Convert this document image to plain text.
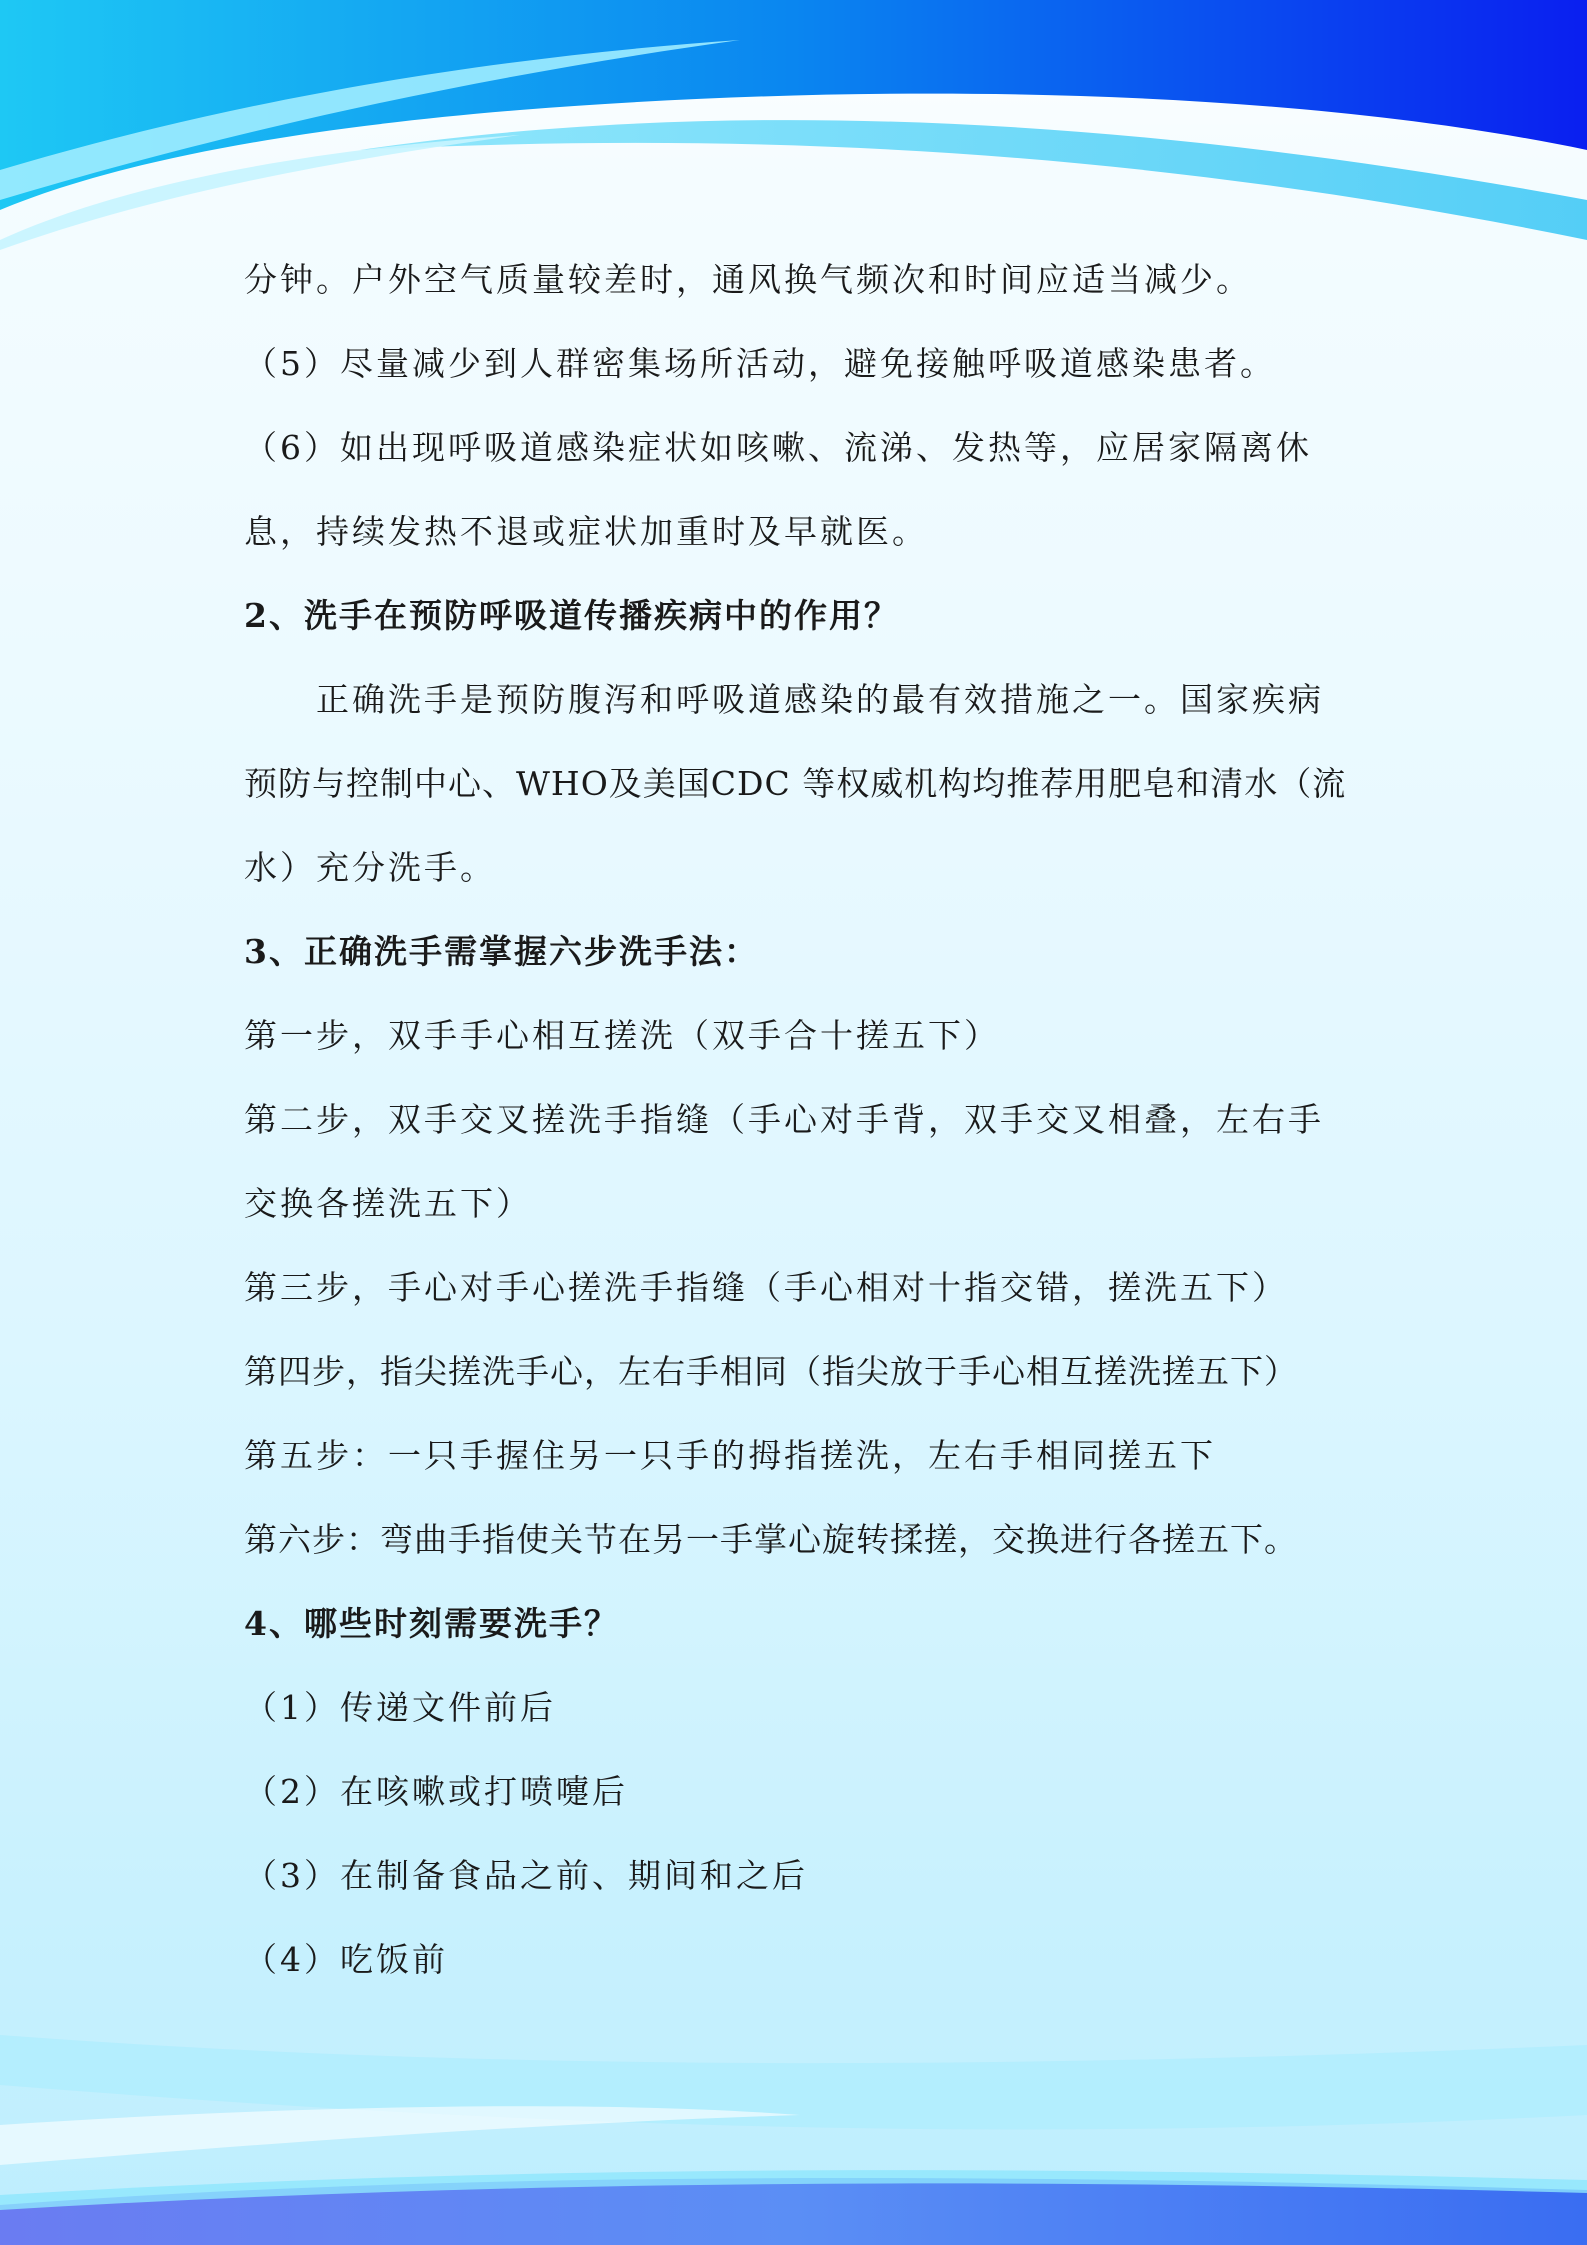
分钟。户外空气质量较差时，通风换气频次和时间应适当减少。
（5）尽量减少到人群密集场所活动，避免接触呼吸道感染患者。
（6）如出现呼吸道感染症状如咳嗽、流涕、发热等，应居家隔离休
息，持续发热不退或症状加重时及早就医。
2、洗手在预防呼吸道传播疾病中的作用？
正确洗手是预防腹泻和呼吸道感染的最有效措施之一。国家疾病
预防与控制中心、WHO及美国CDC 等权威机构均推荐用肥皂和清水（流
水）充分洗手。
3、正确洗手需掌握六步洗手法：
第一步，双手手心相互搓洗（双手合十搓五下）
第二步，双手交叉搓洗手指缝（手心对手背，双手交叉相叠，左右手
交换各搓洗五下）
第三步，手心对手心搓洗手指缝（手心相对十指交错，搓洗五下）
第四步，指尖搓洗手心，左右手相同（指尖放于手心相互搓洗搓五下）
第五步：一只手握住另一只手的拇指搓洗，左右手相同搓五下
第六步：弯曲手指使关节在另一手掌心旋转揉搓，交换进行各搓五下。
4、哪些时刻需要洗手？
（1）传递文件前后
（2）在咳嗽或打喷嚏后
（3）在制备食品之前、期间和之后
（4）吃饭前
